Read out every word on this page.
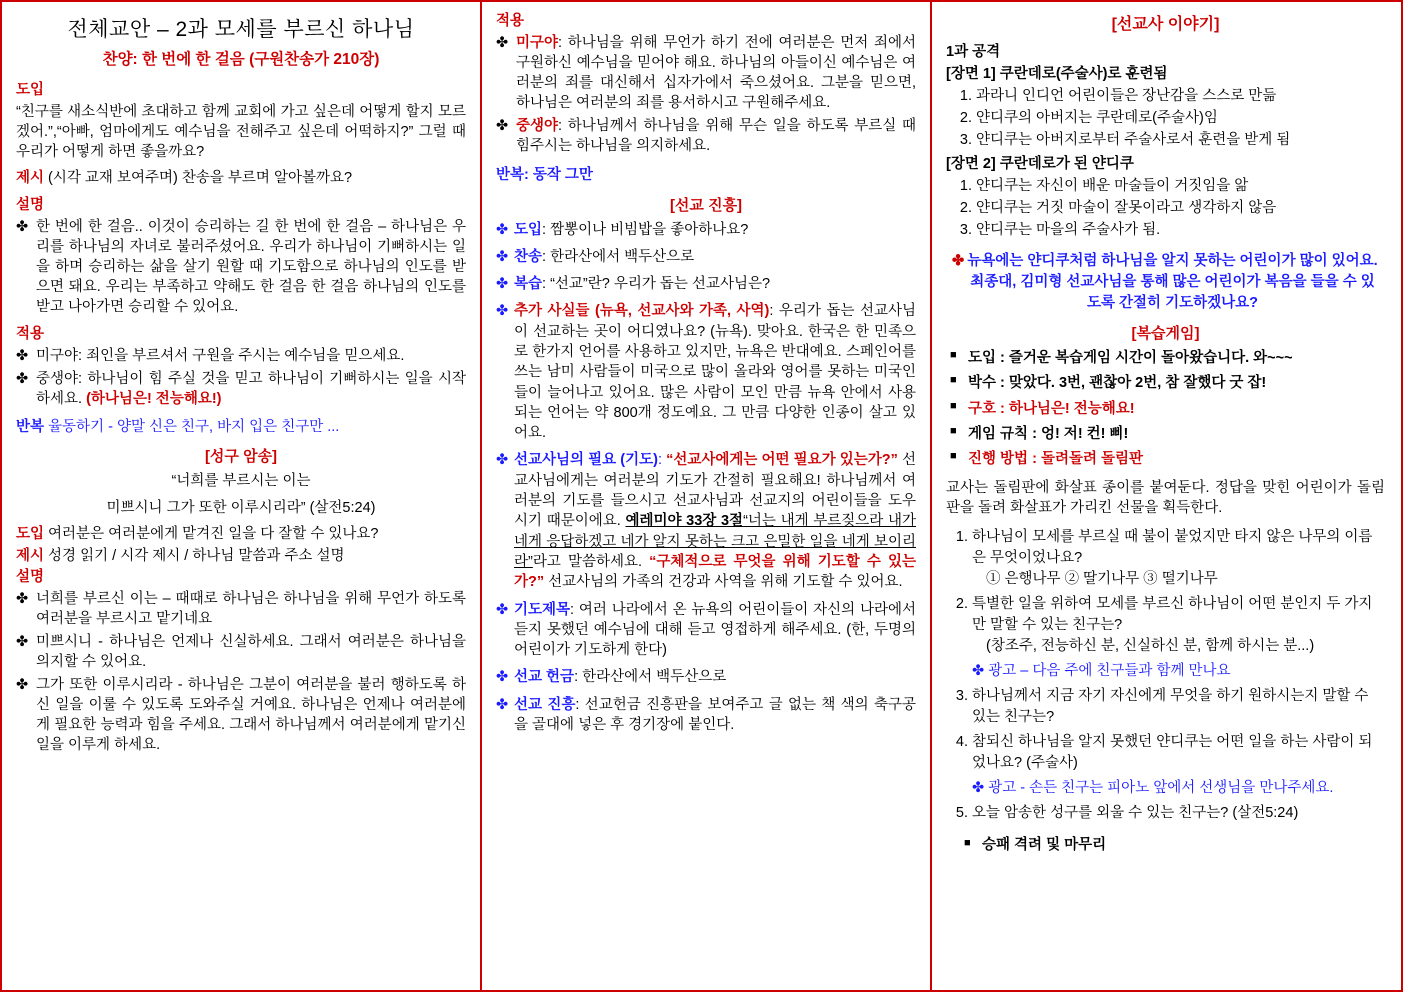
전체교안 – 2과 모세를 부르신 하나님
찬양: 한 번에 한 걸음 (구원찬송가 210장)
도입
“친구를 새소식반에 초대하고 함께 교회에 가고 싶은데 어떻게 할지 모르겠어.”,“아빠, 엄마에게도 예수님을 전해주고 싶은데 어떡하지?” 그럴 때 우리가 어떻게 하면 좋을까요?
제시 (시각 교재 보여주며) 찬송을 부르며 알아볼까요?
설명
✤ 한 번에 한 걸음.. 이것이 승리하는 길 한 번에 한 걸음 – 하나님은 우리를 하나님의 자녀로 불러주셨어요. 우리가 하나님이 기뻐하시는 일을 하며 승리하는 삶을 살기 원할 때 기도함으로 하나님의 인도를 받으면 돼요. 우리는 부족하고 약해도 한 걸음 한 걸음 하나님의 인도를 받고 나아가면 승리할 수 있어요.
적용
✤ 미구야: 죄인을 부르셔서 구원을 주시는 예수님을 믿으세요.
✤ 중생야: 하나님이 힘 주실 것을 믿고 하나님이 기뻐하시는 일을 시작하세요. (하나님은! 전능해요!)
반복 율동하기 - 양말 신은 친구, 바지 입은 친구만 ...
[성구 암송]
“너희를 부르시는 이는
미쁘시니 그가 또한 이루시리라” (살전5:24)
도입 여러분은 여러분에게 맡겨진 일을 다 잘할 수 있나요?
제시 성경 읽기 / 시각 제시 / 하나님 말씀과 주소 설명
설명
✤ 너희를 부르신 이는 – 때때로 하나님은 하나님을 위해 무언가 하도록 여러분을 부르시고 맡기네요
✤ 미쁘시니 - 하나님은 언제나 신실하세요. 그래서 여러분은 하나님을 의지할 수 있어요.
✤ 그가 또한 이루시리라 - 하나님은 그분이 여러분을 불러 행하도록 하신 일을 이룰 수 있도록 도와주실 거예요. 하나님은 언제나 여러분에게 필요한 능력과 힘을 주세요. 그래서 하나님께서 여러분에게 맡기신 일을 이루게 하세요.
적용
✤ 미구야: 하나님을 위해 무언가 하기 전에 여러분은 먼저 죄에서 구원하신 예수님을 믿어야 해요. 하나님의 아들이신 예수님은 여러분의 죄를 대신해서 십자가에서 죽으셨어요. 그분을 믿으면, 하나님은 여러분의 죄를 용서하시고 구원해주세요.
✤ 중생야: 하나님께서 하나님을 위해 무슨 일을 하도록 부르실 때 힘주시는 하나님을 의지하세요.
반복: 동작 그만
[선교 진흥]
✤ 도입: 짬뽕이나 비빔밥을 좋아하나요?
✤ 찬송: 한라산에서 백두산으로
✤ 복습: “선교”란? 우리가 돕는 선교사님은?
✤ 추가 사실들 (뉴욕, 선교사와 가족, 사역): 우리가 돕는 선교사님이 선교하는 곳이 어디였나요? (뉴욕). 맞아요. 한국은 한 민족으로 한가지 언어를 사용하고 있지만, 뉴욕은 반대예요. 스페인어를 쓰는 남미 사람들이 미국으로 많이 올라와 영어를 못하는 미국인들이 늘어나고 있어요. 많은 사람이 모인 만큼 뉴욕 안에서 사용되는 언어는 약 800개 정도예요. 그 만큼 다양한 인종이 살고 있어요.
✤ 선교사님의 필요 (기도): “선교사에게는 어떤 필요가 있는가?” 선교사님에게는 여러분의 기도가 간절히 필요해요! 하나님께서 여러분의 기도를 들으시고 선교사님과 선교지의 어린이들을 도우시기 때문이에요. 예레미야 33장 3절“너는 내게 부르짖으라 내가 네게 응답하겠고 네가 알지 못하는 크고 은밀한 일을 네게 보이리라”라고 말씀하세요. “구체적으로 무엇을 위해 기도할 수 있는가?” 선교사님의 가족의 건강과 사역을 위해 기도할 수 있어요.
✤ 기도제목: 여러 나라에서 온 뉴욕의 어린이들이 자신의 나라에서 듣지 못했던 예수님에 대해 듣고 영접하게 해주세요. (한, 두명의 어린이가 기도하게 한다)
✤ 선교 헌금: 한라산에서 백두산으로
✤ 선교 진흥: 선교헌금 진흥판을 보여주고 글 없는 책 색의 축구공을 골대에 넣은 후 경기장에 붙인다.
[선교사 이야기]
1과 공격
[장면 1] 쿠란데로(주술사)로 훈련됨
1. 과라니 인디언 어린이들은 장난감을 스스로 만듦
2. 얀디쿠의 아버지는 쿠란데로(주술사)임
3. 얀디쿠는 아버지로부터 주술사로서 훈련을 받게 됨
[장면 2] 쿠란데로가 된 얀디쿠
1. 얀디쿠는 자신이 배운 마술들이 거짓임을 앎
2. 얀디쿠는 거짓 마술이 잘못이라고 생각하지 않음
3. 얀디쿠는 마을의 주술사가 됨.
✤ 뉴욕에는 얀디쿠처럼 하나님을 알지 못하는 어린이가 많이 있어요. 최종대, 김미형 선교사님을 통해 많은 어린이가 복음을 들을 수 있도록 간절히 기도하겠나요?
[복습게임]
■ 도입 : 즐거운 복습게임 시간이 돌아왔습니다. 와~~~
■ 박수 : 맞았다. 3번, 괜찮아 2번, 참 잘했다 굿 잡!
■ 구호 : 하나님은! 전능해요!
■ 게임 규칙 : 엉! 저! 컨! 삐!
■ 진행 방법 : 돌려돌려 돌림판
교사는 돌림판에 화살표 종이를 붙여둔다. 정답을 맞힌 어린이가 돌림판을 돌려 화살표가 가리킨 선물을 획득한다.
1. 하나님이 모세를 부르실 때 불이 붙었지만 타지 않은 나무의 이름은 무엇이었나요?
① 은행나무 ② 딸기나무 ③ 떨기나무
2. 특별한 일을 위하여 모세를 부르신 하나님이 어떤 분인지 두 가지만 말할 수 있는 친구는?
(창조주, 전능하신 분, 신실하신 분, 함께 하시는 분...)
✤ 광고 – 다음 주에 친구들과 함께 만나요
3. 하나님께서 지금 자기 자신에게 무엇을 하기 원하시는지 말할 수 있는 친구는?
4. 참되신 하나님을 알지 못했던 얀디쿠는 어떤 일을 하는 사람이 되었나요? (주술사)
✤ 광고 - 손든 친구는 피아노 앞에서 선생님을 만나주세요.
5. 오늘 암송한 성구를 외울 수 있는 친구는? (살전5:24)
■ 승패 격려 및 마무리
